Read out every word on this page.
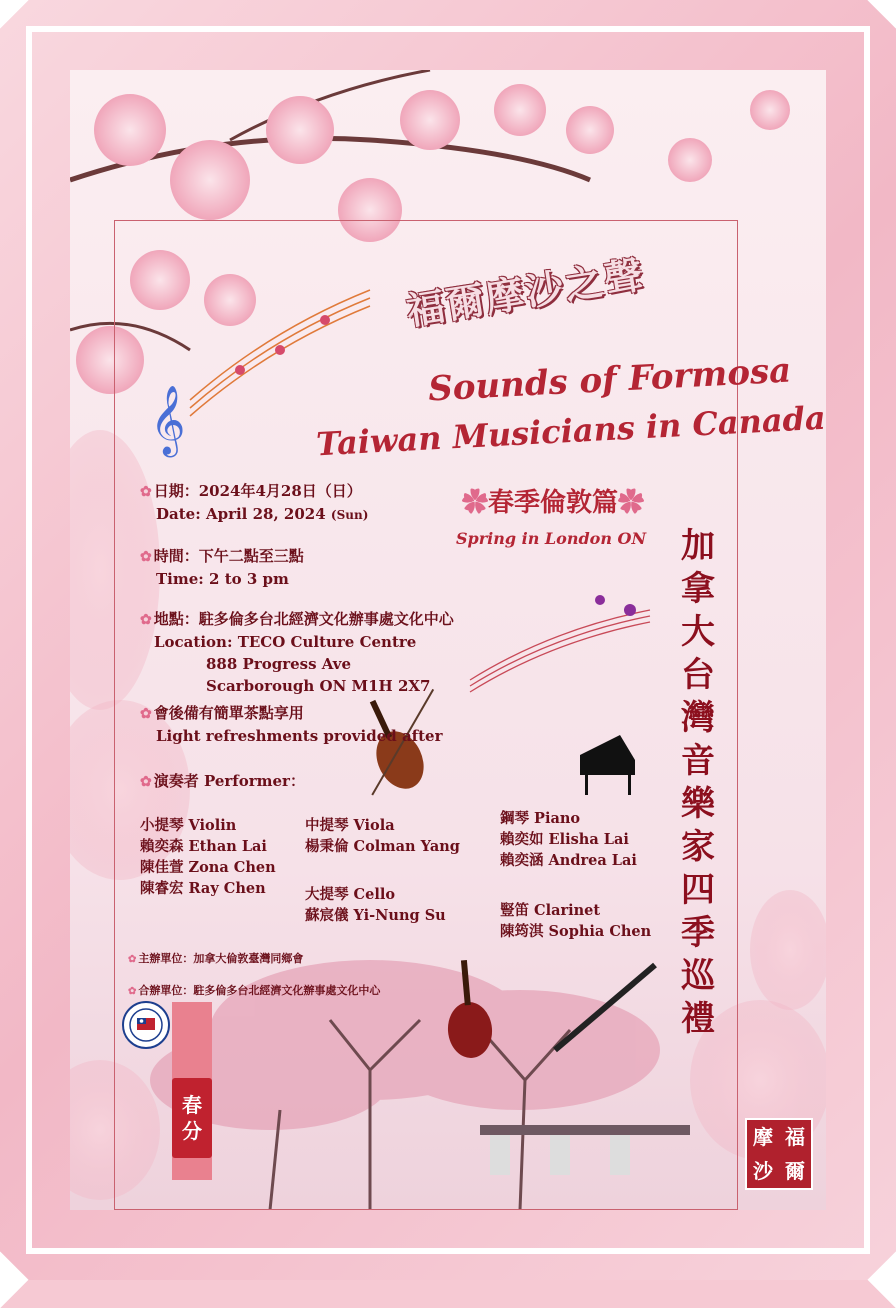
𝄞
福爾摩沙之聲
Sounds of Formosa
Taiwan Musicians in Canada
✿春季倫敦篇✿
Spring in London ON 加
拿
大
台
灣
音
樂
家
四
季
巡
禮
✿ 日期：2024年4月28日（日）
Date: April 28, 2024 (Sun)
✿ 時間：下午二點至三點
Time: 2 to 3 pm
✿ 地點：駐多倫多台北經濟文化辦事處文化中心
Location: TECO Culture Centre
888 Progress Ave
Scarborough ON M1H 2X7
✿ 會後備有簡單茶點享用
Light refreshments provided after
✿ 演奏者 Performer：
小提琴 Violin
賴奕森 Ethan Lai
陳佳萱 Zona Chen
陳睿宏 Ray Chen
中提琴 Viola
楊秉倫 Colman Yang
大提琴 Cello
蘇宸儀 Yi-Nung Su
鋼琴 Piano
賴奕如 Elisha Lai
賴奕涵 Andrea Lai
豎笛 Clarinet
陳筠淇 Sophia Chen
✿ 主辦單位：加拿大倫敦臺灣同鄉會
✿ 合辦單位：駐多倫多台北經濟文化辦事處文化中心
春
分	摩 福
沙 爾
